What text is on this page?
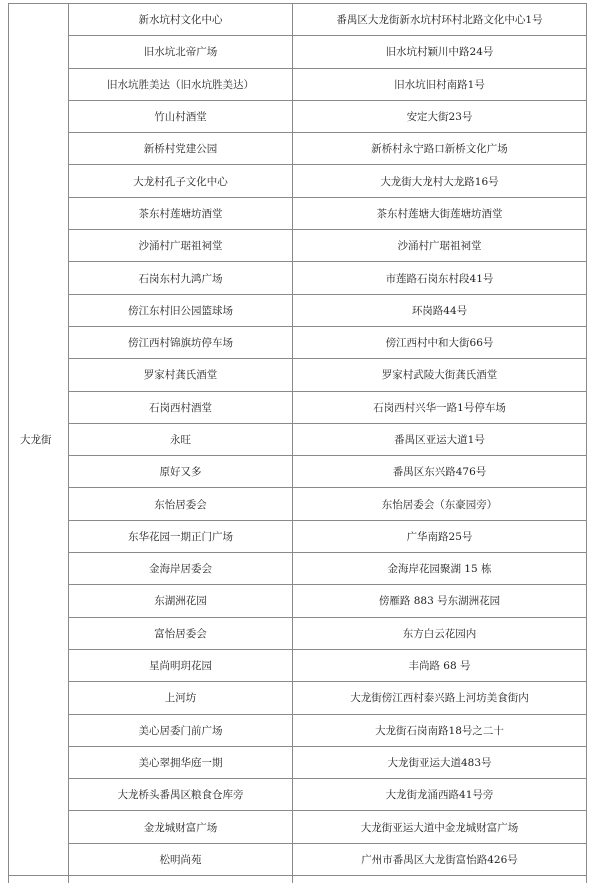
大龙街	新水坑村文化中心	番禺区大龙街新水坑村环村北路文化中心1号
	旧水坑北帝广场	旧水坑村颖川中路24号
	旧水坑胜美达（旧水坑胜美达）	旧水坑旧村南路1号
	竹山村酒堂	安定大街23号
	新桥村党建公园	新桥村永宁路口新桥文化广场
	大龙村孔子文化中心	大龙街大龙村大龙路16号
	茶东村莲塘坊酒堂	茶东村莲塘大街莲塘坊酒堂
	沙涌村广琚祖祠堂	沙涌村广琚祖祠堂
	石岗东村九鸿广场	市莲路石岗东村段41号
	傍江东村旧公园篮球场	环岗路44号
	傍江西村锦旗坊停车场	傍江西村中和大街66号
	罗家村龚氏酒堂	罗家村武陵大街龚氏酒堂
	石岗西村酒堂	石岗西村兴华一路1号停车场
	永旺	番禺区亚运大道1号
	原好又多	番禺区东兴路476号
	东怡居委会	东怡居委会（东豪园旁）
	东华花园一期正门广场	广华南路25号
	金海岸居委会	金海岸花园聚湖 15 栋
	东湖洲花园	傍雁路 883 号东湖洲花园
	富怡居委会	东方白云花园内
	星尚明玥花园	丰尚路 68 号
	上河坊	大龙街傍江西村泰兴路上河坊美食街内
	美心居委门前广场	大龙街石岗南路18号之二十
	美心翠拥华庭一期	大龙街亚运大道483号
	大龙桥头番禺区粮食仓库旁	大龙街龙涌西路41号旁
	金龙城财富广场	大龙街亚运大道中金龙城财富广场
	松明尚苑	广州市番禺区大龙街富怡路426号
